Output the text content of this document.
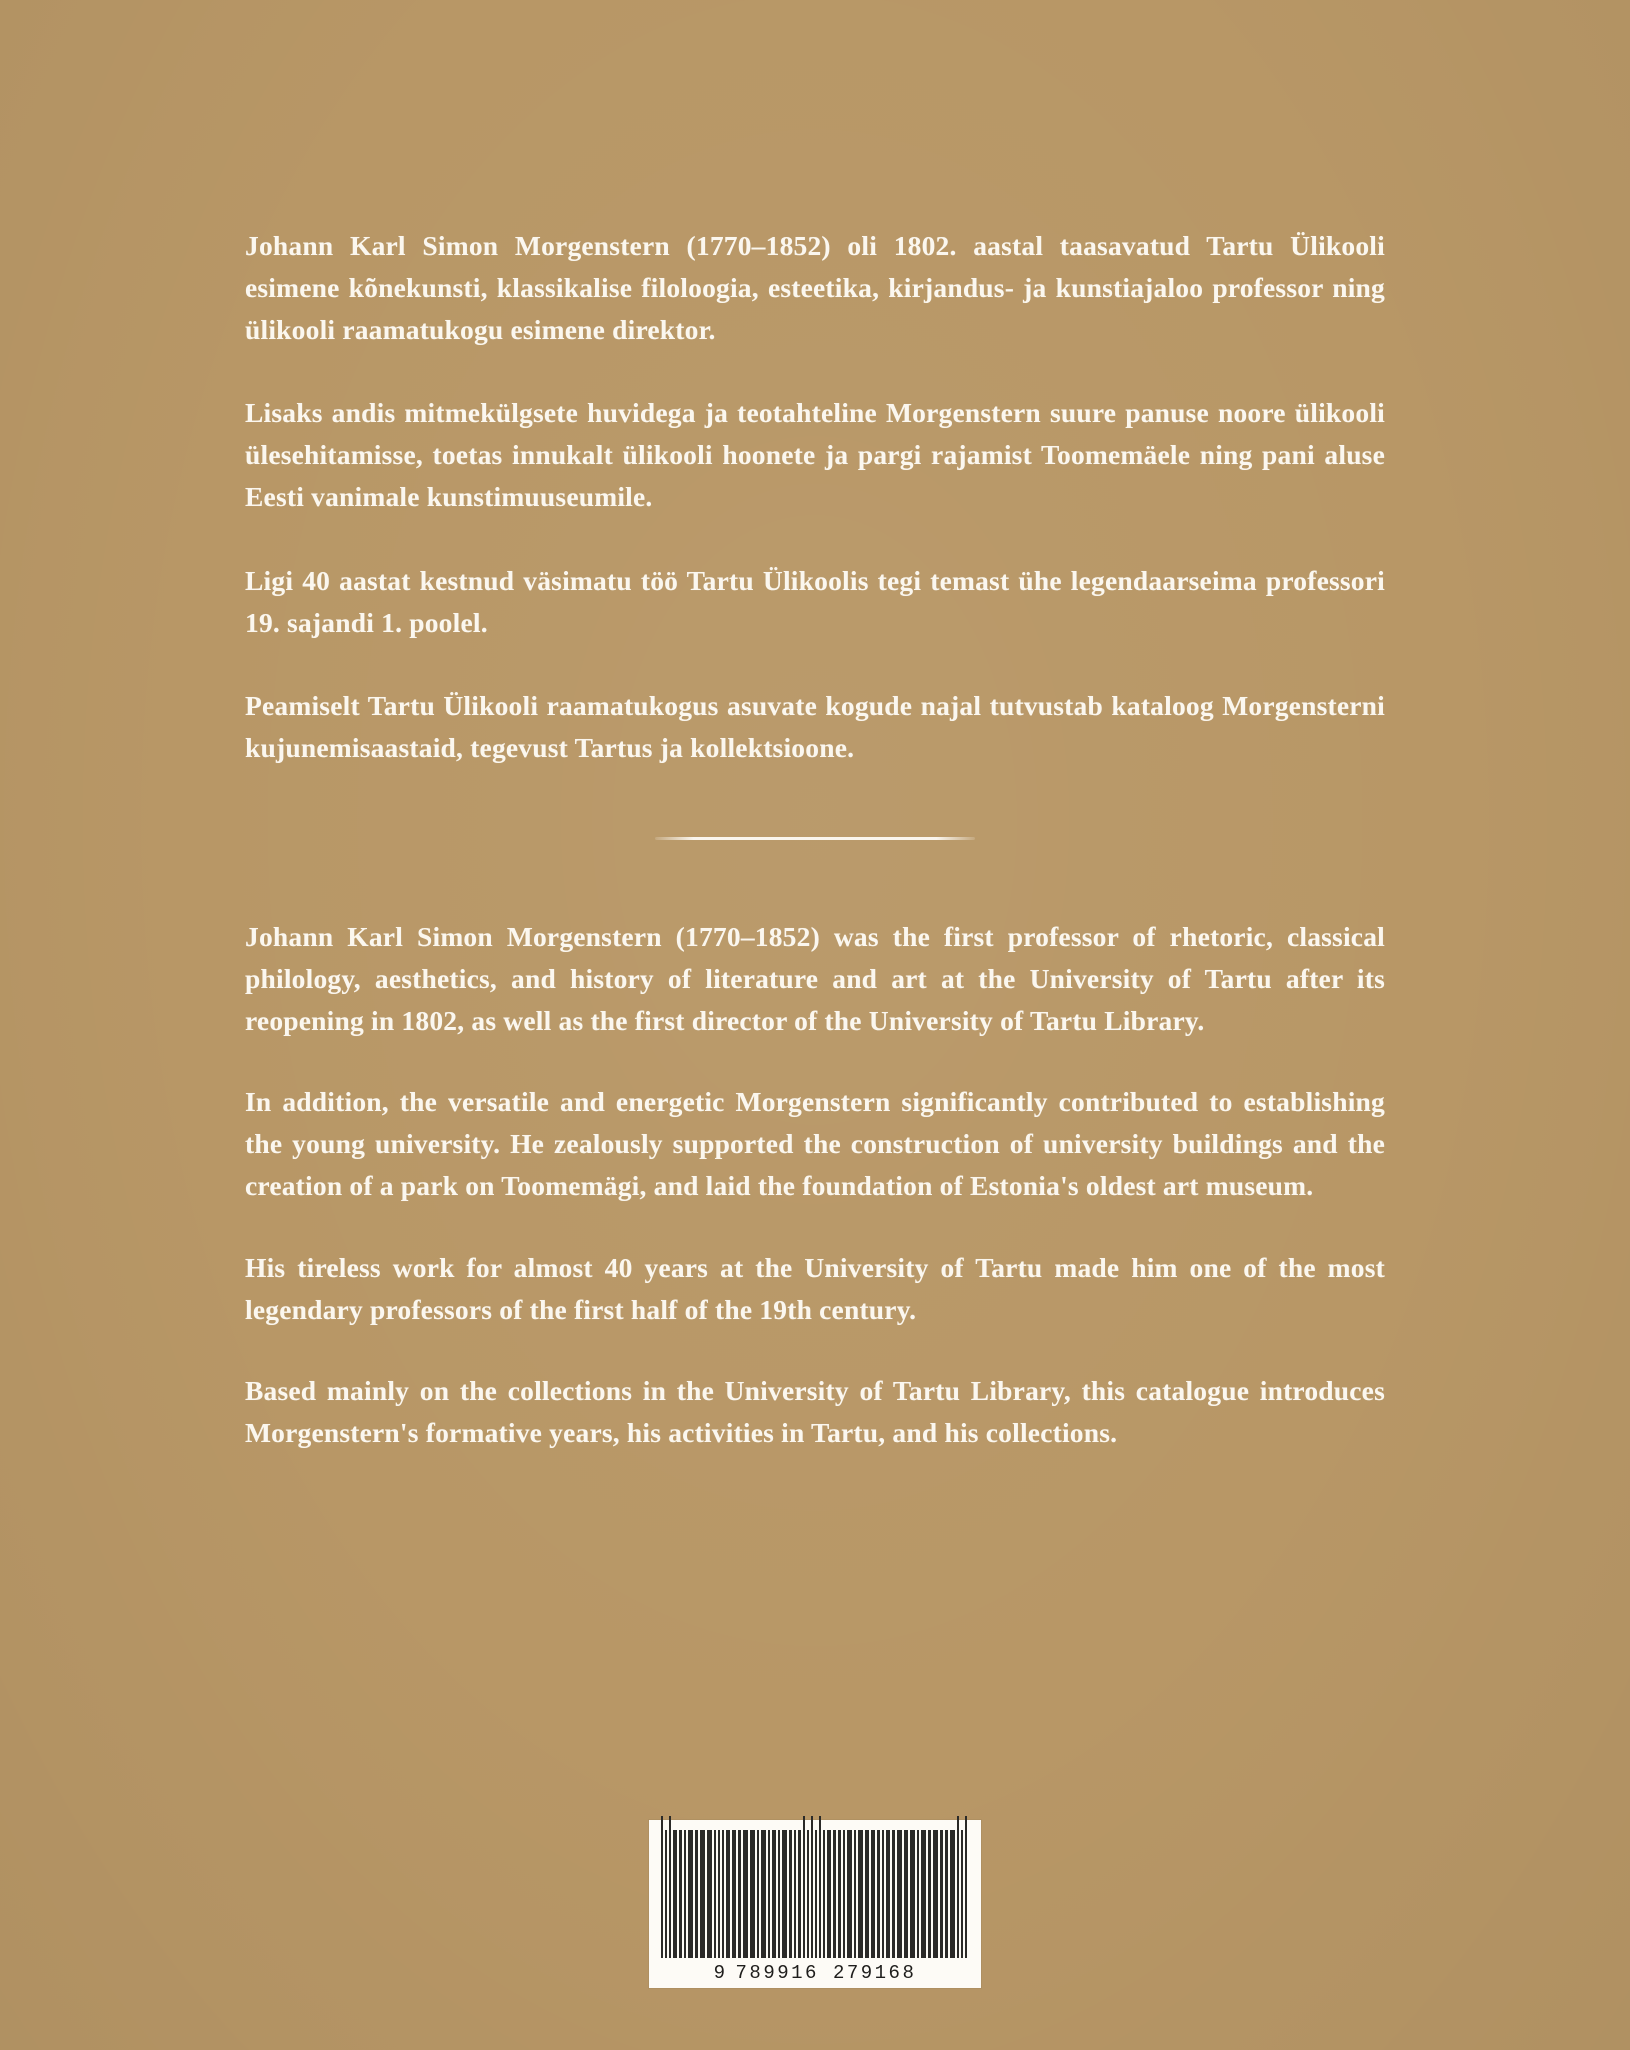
Johann Karl Simon Morgenstern (1770–1852) oli 1802. aastal taasavatud Tartu Ülikooli esimene kõnekunsti, klassikalise filoloogia, esteetika, kirjandus- ja kunstiajaloo professor ning ülikooli raamatukogu esimene direktor.

Lisaks andis mitmekülgsete huvidega ja teotahteline Morgenstern suure panuse noore ülikooli ülesehitamisse, toetas innukalt ülikooli hoonete ja pargi rajamist Toomemäele ning pani aluse Eesti vanimale kunstimuuseumile.

Ligi 40 aastat kestnud väsimatu töö Tartu Ülikoolis tegi temast ühe legendaarseima professori 19. sajandi 1. poolel.

Peamiselt Tartu Ülikooli raamatukogus asuvate kogude najal tutvustab kataloog Morgensterni kujunemisaastaid, tegevust Tartus ja kollektsioone.

Johann Karl Simon Morgenstern (1770–1852) was the first professor of rhetoric, classical philology, aesthetics, and history of literature and art at the University of Tartu after its reopening in 1802, as well as the first director of the University of Tartu Library.

In addition, the versatile and energetic Morgenstern significantly contributed to establishing the young university. He zealously supported the construction of university buildings and the creation of a park on Toomemägi, and laid the foundation of Estonia's oldest art museum.

His tireless work for almost 40 years at the University of Tartu made him one of the most legendary professors of the first half of the 19th century.

Based mainly on the collections in the University of Tartu Library, this catalogue introduces Morgenstern's formative years, his activities in Tartu, and his collections.

9 789916 279168
